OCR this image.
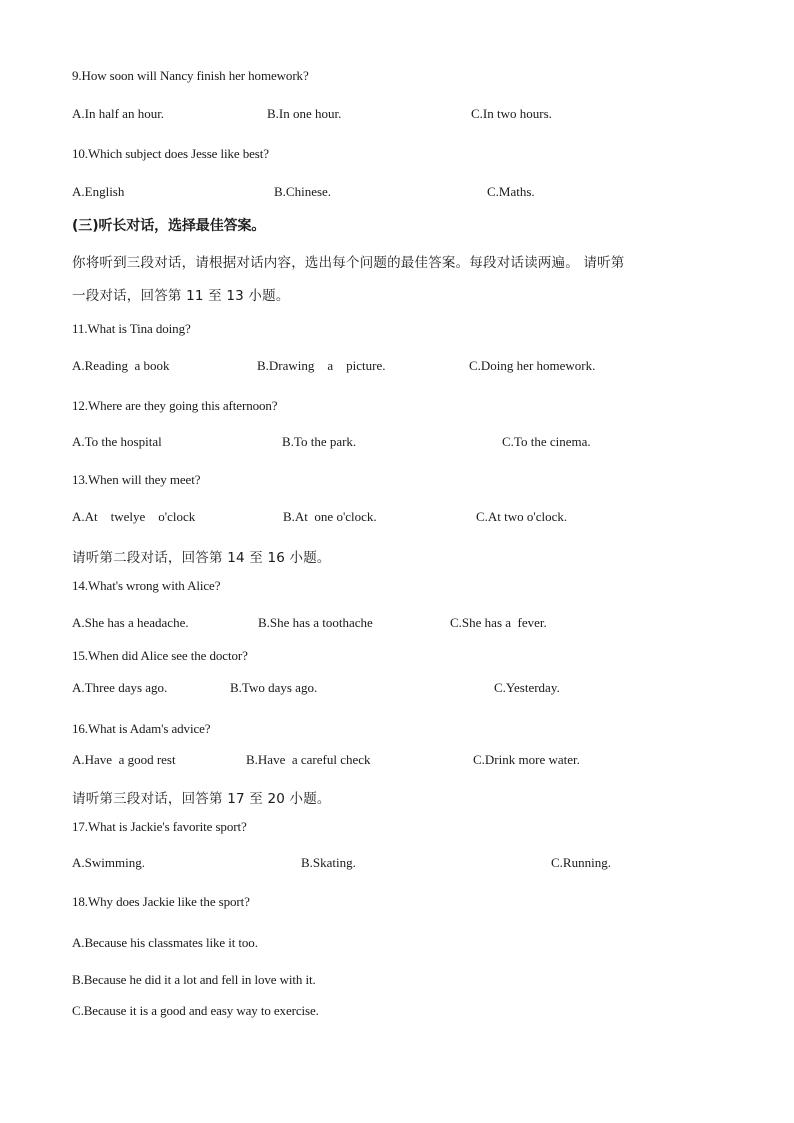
9.How soon will Nancy finish her homework?
A.In half an hour.	B.In one hour.	C.In two hours.
10.Which subject does Jesse like best?
A.English	B.Chinese.	C.Maths.
(三)听长对话，选择最佳答案。
你将听到三段对话，请根据对话内容，选出每个问题的最佳答案。每段对话读两遍。 请听第
一段对话，回答第 11 至 13 小题。
11.What is Tina doing?
A.Reading  a book	B.Drawing    a    picture.	C.Doing her homework.
12.Where are they going this afternoon?
A.To the hospital	B.To the park.	C.To the cinema.
13.When will they meet?
A.At    twelye    o'clock	B.At  one o'clock.	C.At two o'clock.
请听第二段对话，回答第 14 至 16 小题。
14.What's wrong with Alice?
A.She has a headache.	B.She has a toothache	C.She has a  fever.
15.When did Alice see the doctor?
A.Three days ago.	B.Two days ago.	C.Yesterday.
16.What is Adam's advice?
A.Have  a good rest	B.Have  a careful check	C.Drink more water.
请听第三段对话，回答第 17 至 20 小题。
17.What is Jackie's favorite sport?
A.Swimming.	B.Skating.	C.Running.
18.Why does Jackie like the sport?
A.Because his classmates like it too.
B.Because he did it a lot and fell in love with it.
C.Because it is a good and easy way to exercise.
